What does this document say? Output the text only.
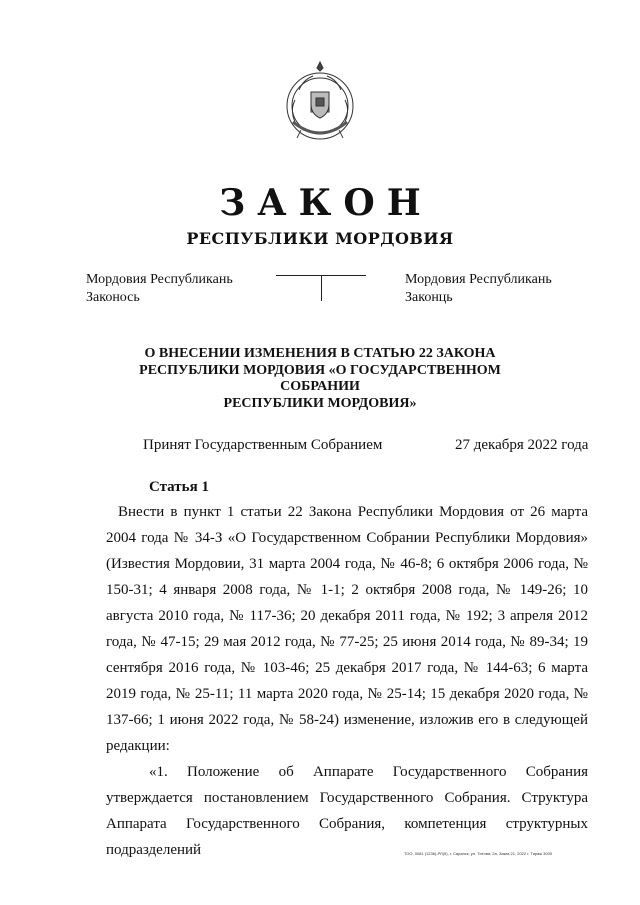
ЗАКОН
РЕСПУБЛИКИ МОРДОВИЯ
Мордовия Республикань
Законось
Мордовия Республикань
Законць
О ВНЕСЕНИИ ИЗМЕНЕНИЯ В СТАТЬЮ 22 ЗАКОНА
РЕСПУБЛИКИ МОРДОВИЯ «О ГОСУДАРСТВЕННОМ СОБРАНИИ
РЕСПУБЛИКИ МОРДОВИЯ»
Принят Государственным Собранием	27 декабря 2022 года
Статья 1

Внести в пункт 1 статьи 22 Закона Республики Мордовия от 26 марта 2004 года № 34-З «О Государственном Собрании Республики Мордовия» (Известия Мордовии, 31 марта 2004 года, № 46-8; 6 октября 2006 года, № 150-31; 4 января 2008 года, № 1-1; 2 октября 2008 года, № 149-26; 10 августа 2010 года, № 117-36; 20 декабря 2011 года, № 192; 3 апреля 2012 года, № 47-15; 29 мая 2012 года, № 77-25; 25 июня 2014 года, № 89-34; 19 сентября 2016 года, № 103-46; 25 декабря 2017 года, № 144-63; 6 марта 2019 года, № 25-11; 11 марта 2020 года, № 25-14; 15 декабря 2020 года, № 137-66; 1 июня 2022 года, № 58-24) изменение, изложив его в следующей редакции:

«1. Положение об Аппарате Государственного Собрания утверждается постановлением Государственного Собрания. Структура Аппарата Государственного Собрания, компетенция структурных подразделений	ТОО, 0081 (1236)-РЛ(5), г. Саранск, ул. Титова, 2а, Заказ 21, 2022 г. Тираж 3000
